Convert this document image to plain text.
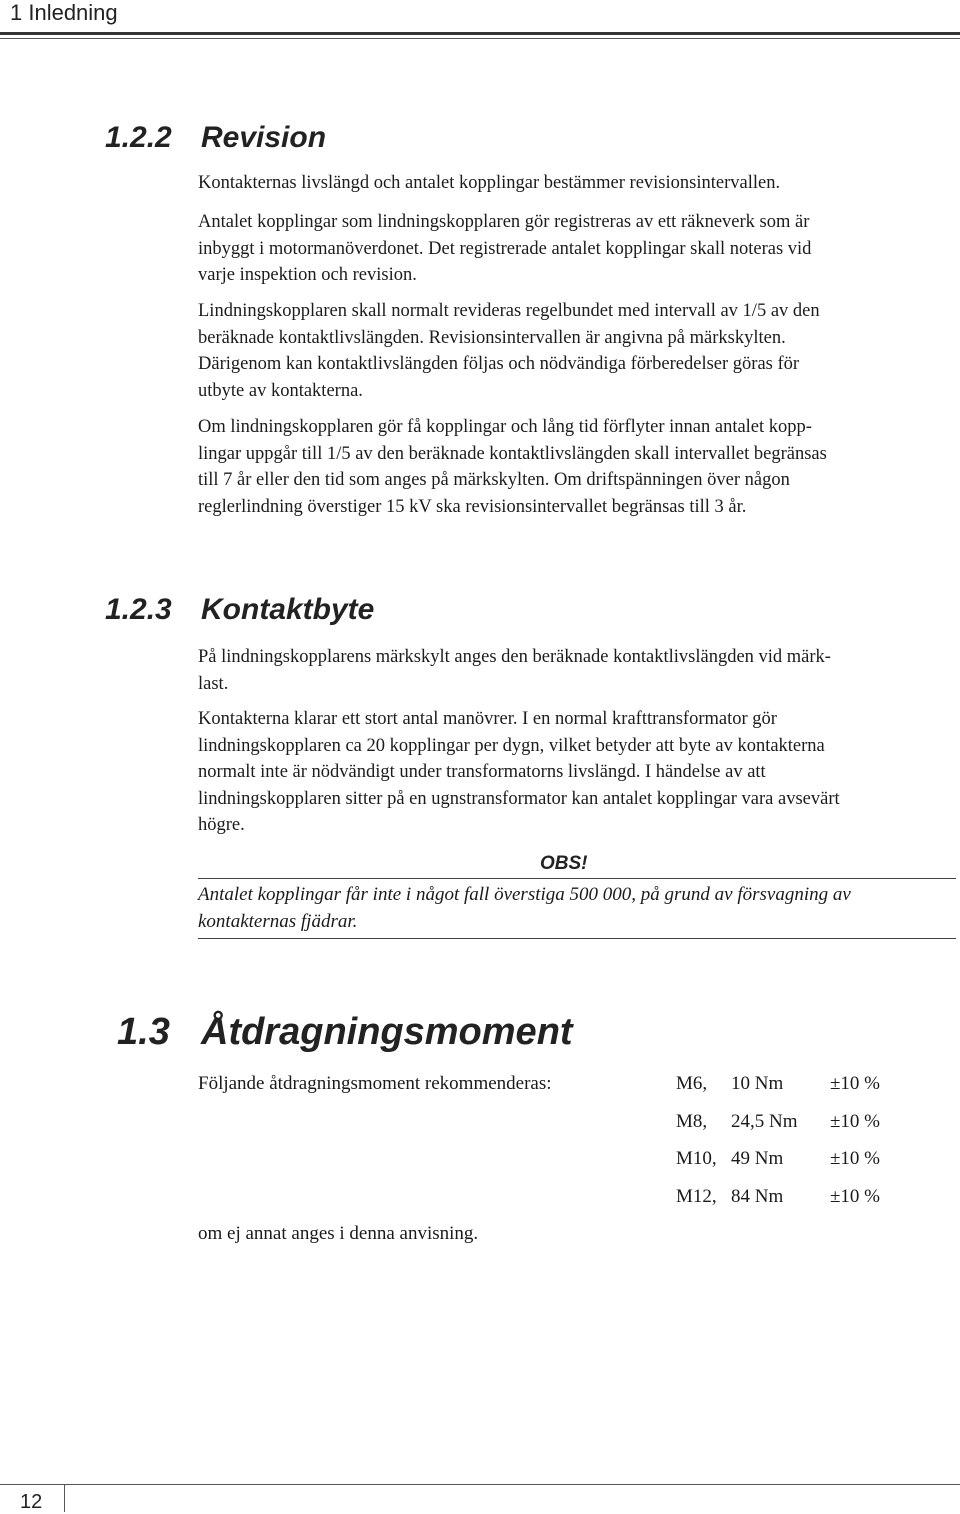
1 Inledning
1.2.2 Revision

Kontakternas livslängd och antalet kopplingar bestämmer revisionsintervallen.

Antalet kopplingar som lindningskopplaren gör registreras av ett räkneverk som är
inbyggt i motormanöverdonet. Det registrerade antalet kopplingar skall noteras vid
varje inspektion och revision.

Lindningskopplaren skall normalt revideras regelbundet med intervall av 1/5 av den
beräknade kontaktlivslängden. Revisionsintervallen är angivna på märkskylten.
Därigenom kan kontaktlivslängden följas och nödvändiga förberedelser göras för
utbyte av kontakterna.

Om lindningskopplaren gör få kopplingar och lång tid förflyter innan antalet kopp-
lingar uppgår till 1/5 av den beräknade kontaktlivslängden skall intervallet begränsas
till 7 år eller den tid som anges på märkskylten. Om driftspänningen över någon
reglerlindning överstiger 15 kV ska revisionsintervallet begränsas till 3 år.

1.2.3 Kontaktbyte

På lindningskopplarens märkskylt anges den beräknade kontaktlivslängden vid märk-
last.

Kontakterna klarar ett stort antal manövrer. I en normal krafttransformator gör
lindningskopplaren ca 20 kopplingar per dygn, vilket betyder att byte av kontakterna
normalt inte är nödvändigt under transformatorns livslängd. I händelse av att
lindningskopplaren sitter på en ugnstransformator kan antalet kopplingar vara avsevärt
högre.

OBS!

Antalet kopplingar får inte i något fall överstiga 500 000, på grund av försvagning av
kontakternas fjädrar.

1.3 Åtdragningsmoment
Följande åtdragningsmoment rekommenderas:	M6, 10 Nm ±10 %
M8, 24,5 Nm ±10 %
M10, 49 Nm ±10 %
M12, 84 Nm ±10 %
om ej annat anges i denna anvisning.
12
